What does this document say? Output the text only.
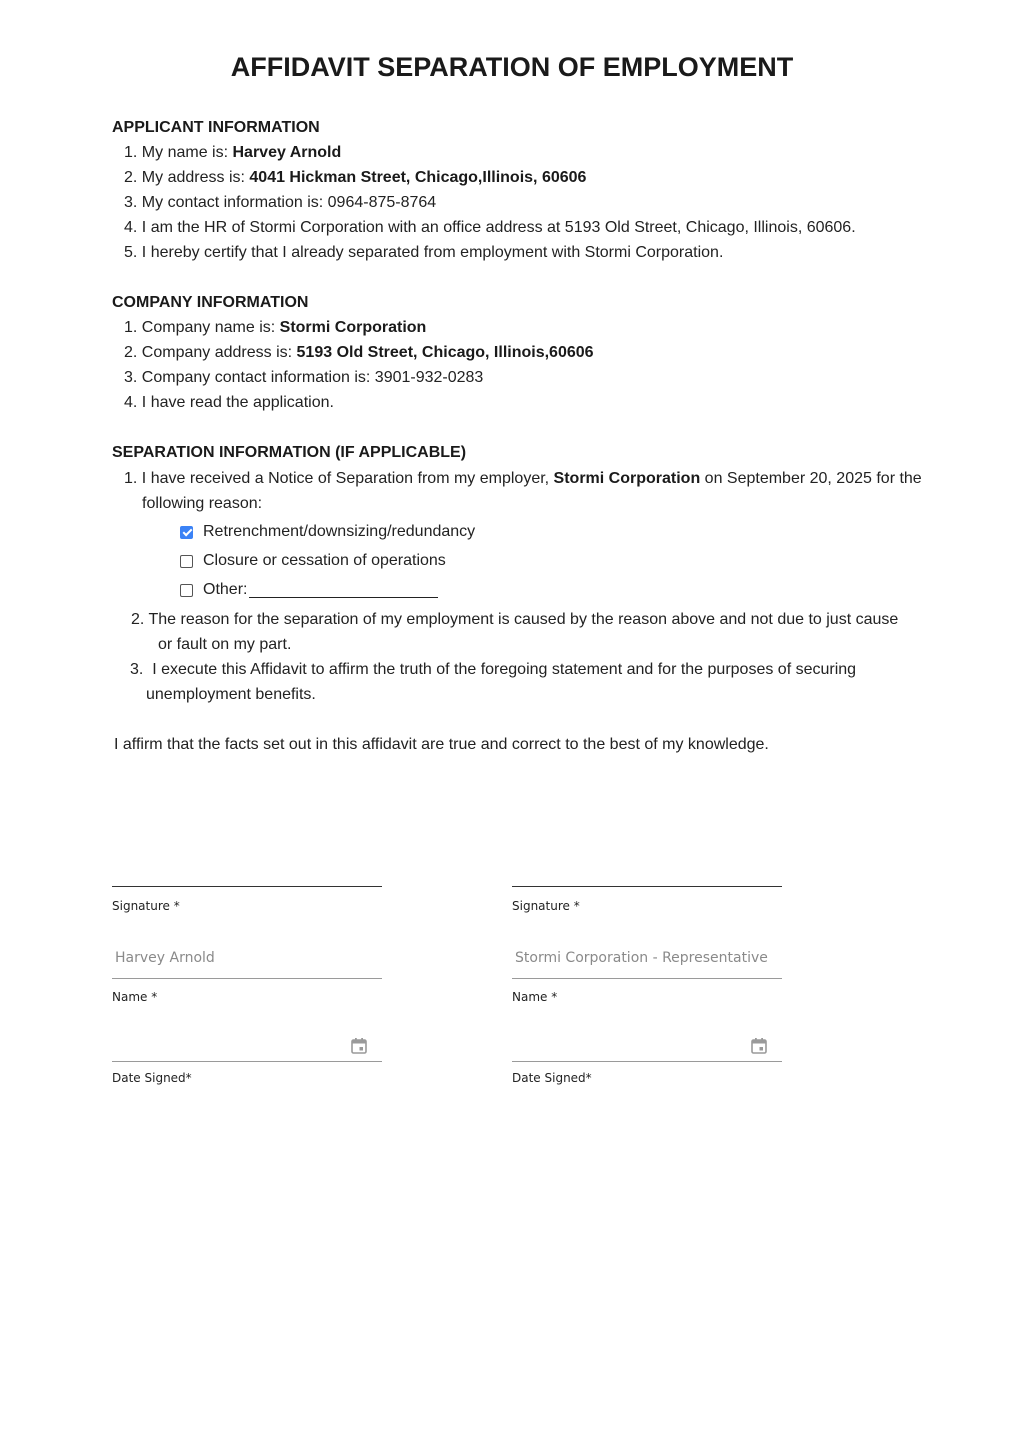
AFFIDAVIT SEPARATION OF EMPLOYMENT
APPLICANT INFORMATION
1. My name is: Harvey Arnold
2. My address is: 4041 Hickman Street, Chicago,Illinois, 60606
3. My contact information is: 0964-875-8764
4. I am the HR of Stormi Corporation with an office address at 5193 Old Street, Chicago, Illinois, 60606.
5. I hereby certify that I already separated from employment with Stormi Corporation.
COMPANY INFORMATION
1. Company name is: Stormi Corporation
2. Company address is: 5193 Old Street, Chicago, Illinois,60606
3. Company contact information is: 3901-932-0283
4. I have read the application.
SEPARATION INFORMATION (IF APPLICABLE)
1. I have received a Notice of Separation from my employer, Stormi Corporation on September 20, 2025 for the
following reason:
Retrenchment/downsizing/redundancy
Closure or cessation of operations
Other:
2. The reason for the separation of my employment is caused by the reason above and not due to just cause
or fault on my part.
3. I execute this Affidavit to affirm the truth of the foregoing statement and for the purposes of securing
unemployment benefits.
I affirm that the facts set out in this affidavit are true and correct to the best of my knowledge.
Signature *
Harvey Arnold
Name *
Date Signed*
Signature *
Stormi Corporation - Representative
Name *
Date Signed*
